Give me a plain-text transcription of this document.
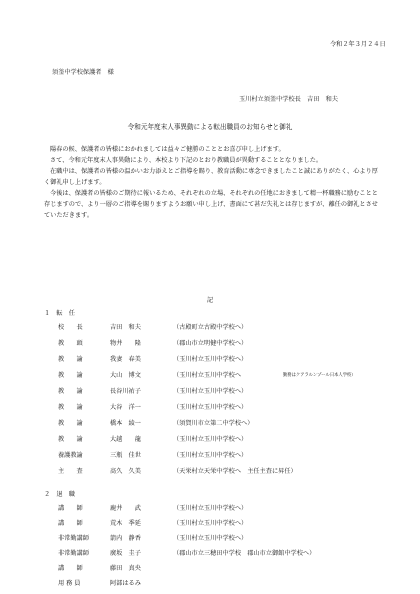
令和２年３月２４日
須釜中学校保護者　様
玉川村立須釜中学校長　吉田　和夫
令和元年度末人事異動による転出職員のお知らせと御礼

陽春の候、保護者の皆様におかれましては益々ご健勝のこととお喜び申し上げます。

さて、令和元年度末人事異動により、本校より下記のとおり教職員が異動することとなりました。

在職中は、保護者の皆様の温かいお力添えとご指導を賜り、教育活動に専念できましたこと誠にありがたく、心より厚く御礼申し上げます。

今後は、保護者の皆様のご期待に報いるため、それぞれの立場、それぞれの任地におきまして精一杯職務に励むことと存じますので、より一層のご指導を賜りますようお願い申し上げ、書面にて甚だ失礼とは存じますが、離任の御礼とさせていただきます。

記
１　転　任
校　　長	吉田　和夫	（古殿町立古殿中学校へ）
教　　頭	物井　　隆	（郡山市立明健中学校へ）
教　　諭	我妻　春美	（玉川村立玉川中学校へ）
教　　諭	大山　博文	（玉川村立玉川中学校へ	勤務はクアラルンプール日本人学校）
教　　諭	長谷川祐子	（玉川村立玉川中学校へ）
教　　諭	大谷　洋一	（玉川村立玉川中学校へ）
教　　諭	橋本　綾一	（須賀川市立第二中学校へ）
教　　諭	大越　　龍	（玉川村立玉川中学校へ）
養護教諭	三瓶　佳世	（玉川村立玉川中学校へ）
主　　査	髙久　久美	（天栄村立天栄中学校へ　主任主査に昇任）
２　退　職
講　　師	鹿井　　武	（玉川村立玉川中学校へ）
講　　師	荒木　季延	（玉川村立玉川中学校へ）
非常勤講師	箭内　静香	（玉川村立玉川中学校へ）
非常勤講師	廣坂　圭子	（郡山市立三穂田中学校　郡山市立御館中学校へ）
講　　師	藤田　真央
用 務 員	阿部はるみ
